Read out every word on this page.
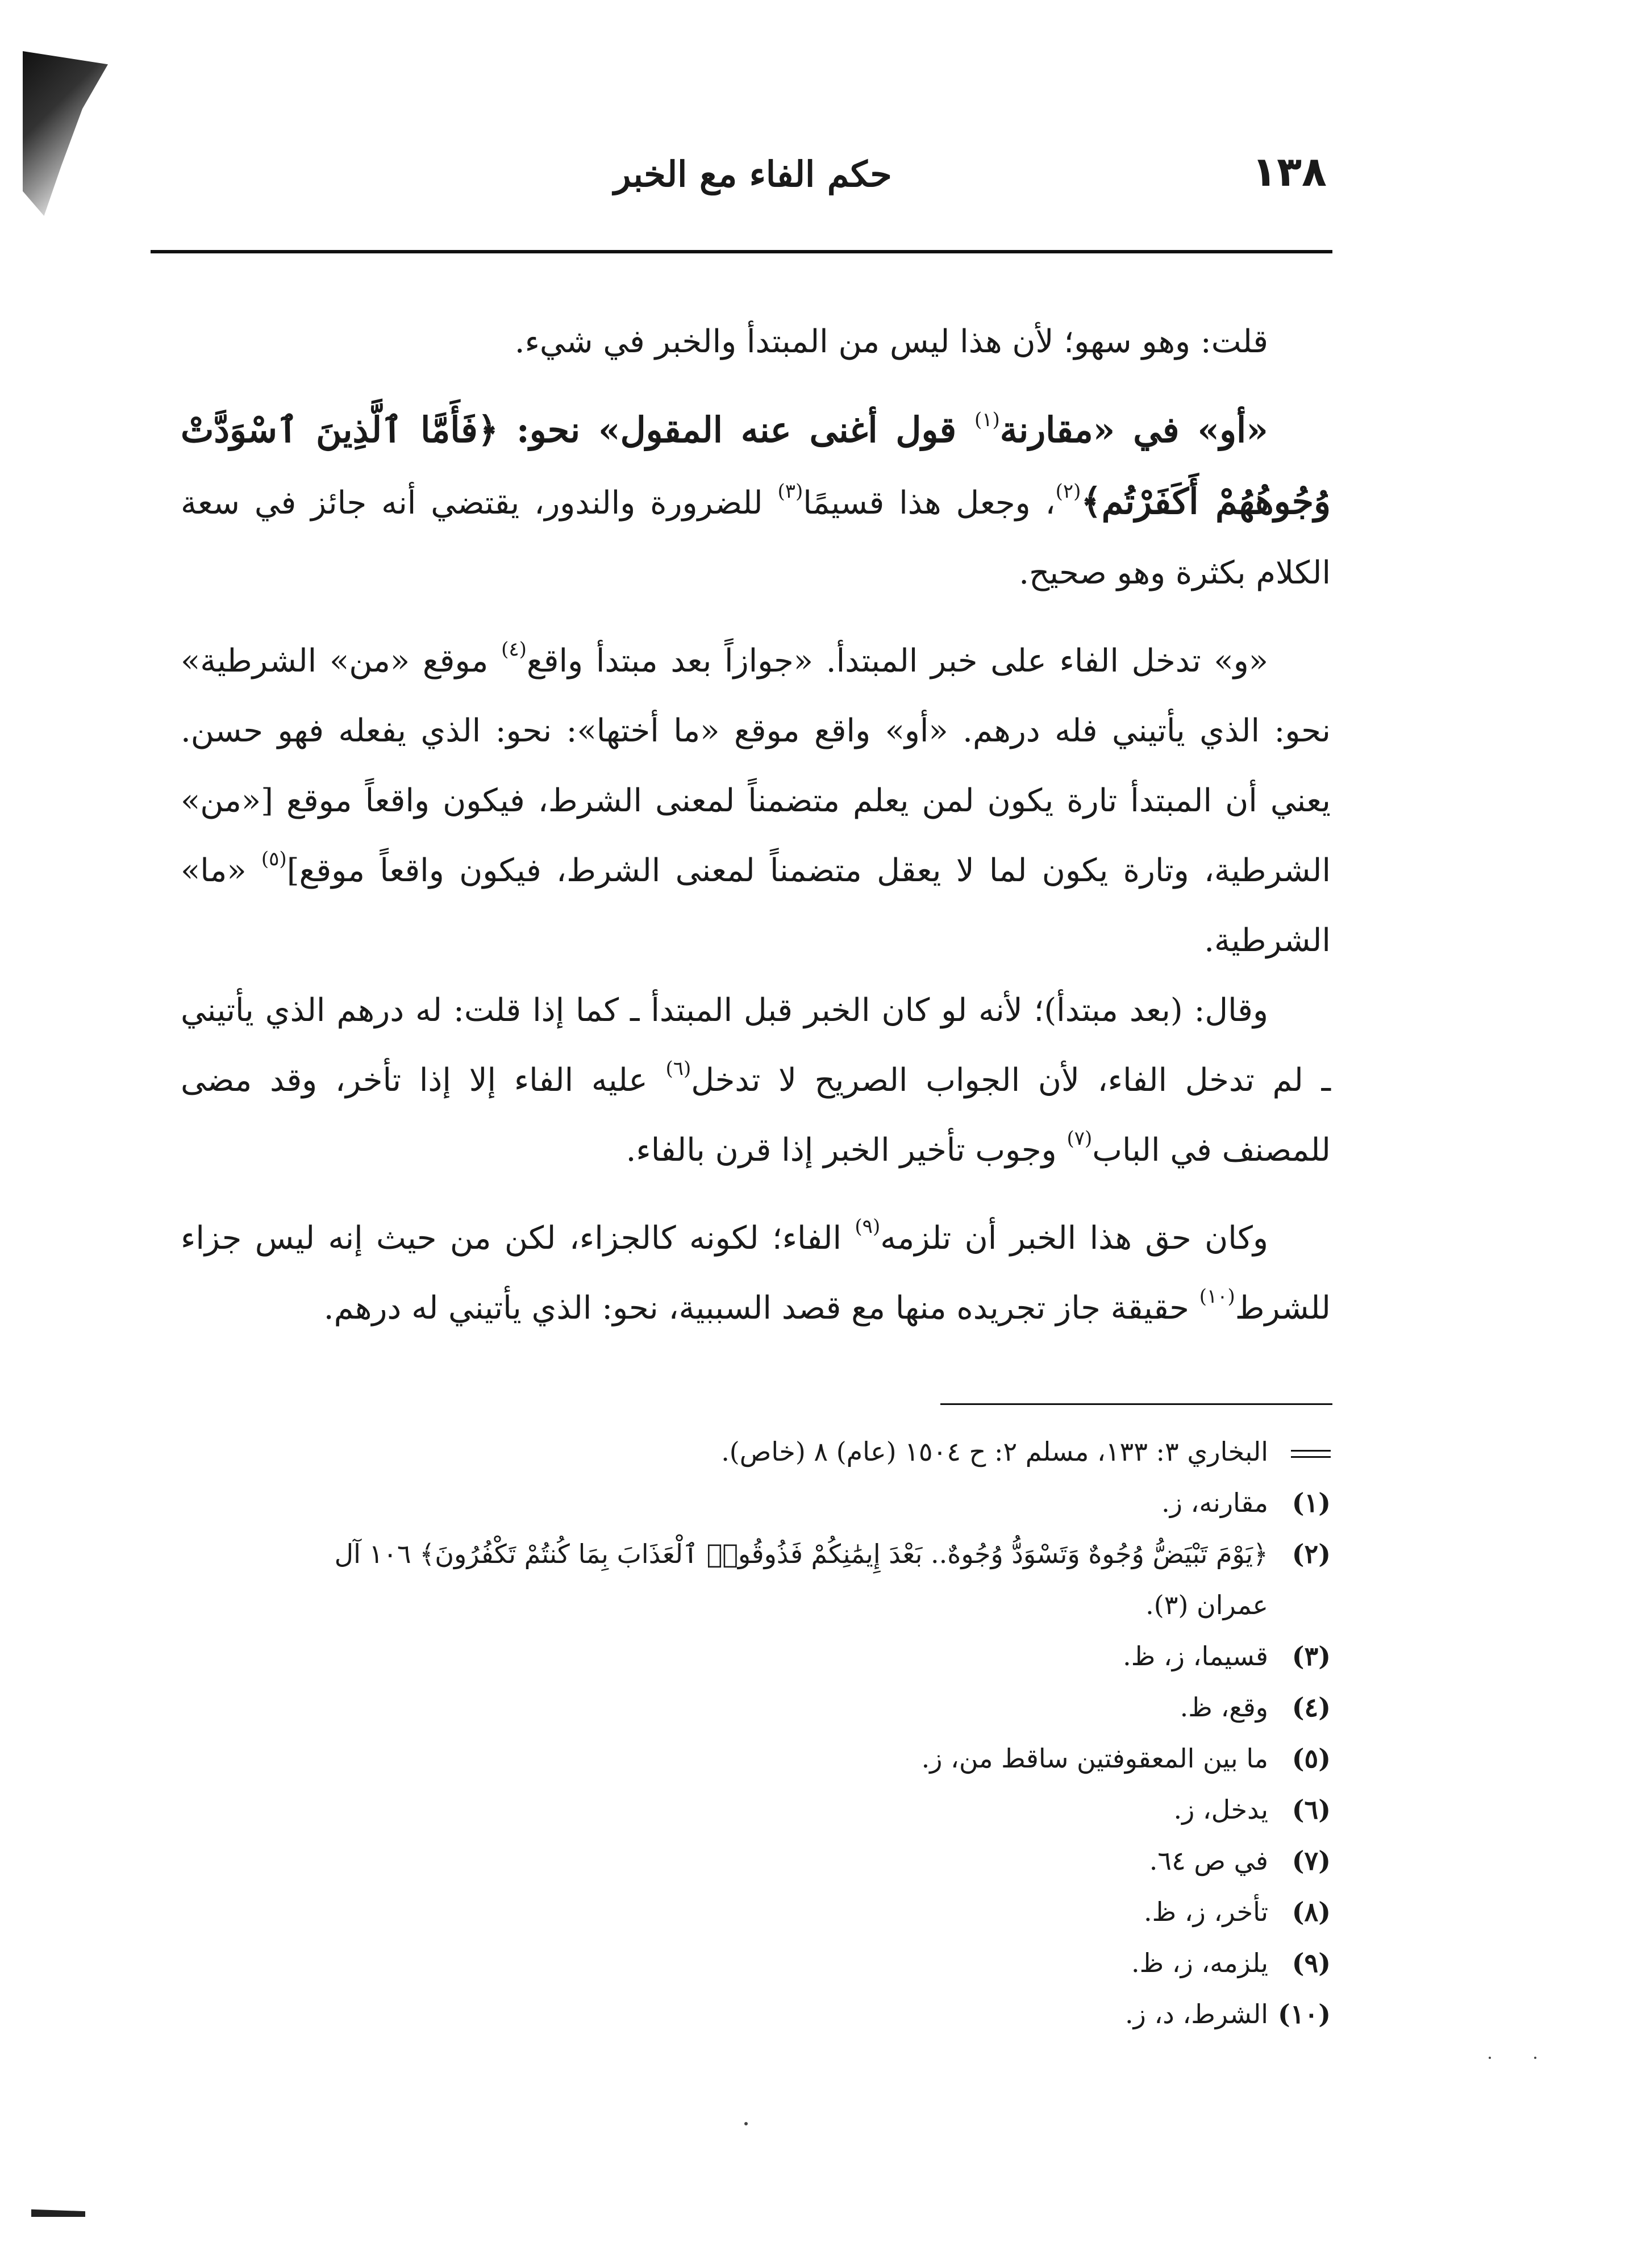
١٣٨
حكم الفاء مع الخبر

قلت: وهو سهو؛ لأن هذا ليس من المبتدأ والخبر في شيء.

«أو» في «مقارنة$^{(١)}$ قول أغنى عنه المقول» نحو: ﴿فَأَمَّا ٱلَّذِينَ ٱسْوَدَّتْ وُجُوهُهُمْ أَكَفَرْتُم﴾$^{(٢)}$، وجعل هذا قسيمًا$^{(٣)}$ للضرورة والندور، يقتضي أنه جائز في سعة الكلام بكثرة وهو صحيح.

«و» تدخل الفاء على خبر المبتدأ. «جوازاً بعد مبتدأ واقع$^{(٤)}$ موقع «من» الشرطية» نحو: الذي يأتيني فله درهم. «أو» واقع موقع «ما أختها»: نحو: الذي يفعله فهو حسن. يعني أن المبتدأ تارة يكون لمن يعلم متضمناً لمعنى الشرط، فيكون واقعاً موقع [«من» الشرطية، وتارة يكون لما لا يعقل متضمناً لمعنى الشرط، فيكون واقعاً موقع]$^{(٥)}$ «ما» الشرطية.

وقال: (بعد مبتدأ)؛ لأنه لو كان الخبر قبل المبتدأ ـ كما إذا قلت: له درهم الذي يأتيني ـ لم تدخل الفاء، لأن الجواب الصريح لا تدخل$^{(٦)}$ عليه الفاء إلا إذا تأخر، وقد مضى للمصنف في الباب$^{(٧)}$ وجوب تأخير الخبر إذا قرن بالفاء.

وكان حق هذا الخبر أن تلزمه$^{(٩)}$ الفاء؛ لكونه كالجزاء، لكن من حيث إنه ليس جزاء للشرط$^{(١٠)}$ حقيقة جاز تجريده منها مع قصد السببية، نحو: الذي يأتيني له درهم.

البخاري ٣: ١٣٣، مسلم ٢: ح ١٥٠٤ (عام) ٨ (خاص).
(١)مقارنه، ز.
(٢)﴿يَوْمَ تَبْيَضُّ وُجُوهٌ وَتَسْوَدُّ وُجُوهٌ.. بَعْدَ إِيمَٰنِكُمْ فَذُوقُوا۟ ٱلْعَذَابَ بِمَا كُنتُمْ تَكْفُرُونَ﴾ ١٠٦ آل
عمران (٣).
(٣)قسيما، ز، ظ.
(٤)وقع، ظ.
(٥)ما بين المعقوفتين ساقط من، ز.
(٦)يدخل، ز.
(٧)في ص ٦٤.
(٨)تأخر، ز، ظ.
(٩)يلزمه، ز، ظ.
(١٠)الشرط، د، ز.
